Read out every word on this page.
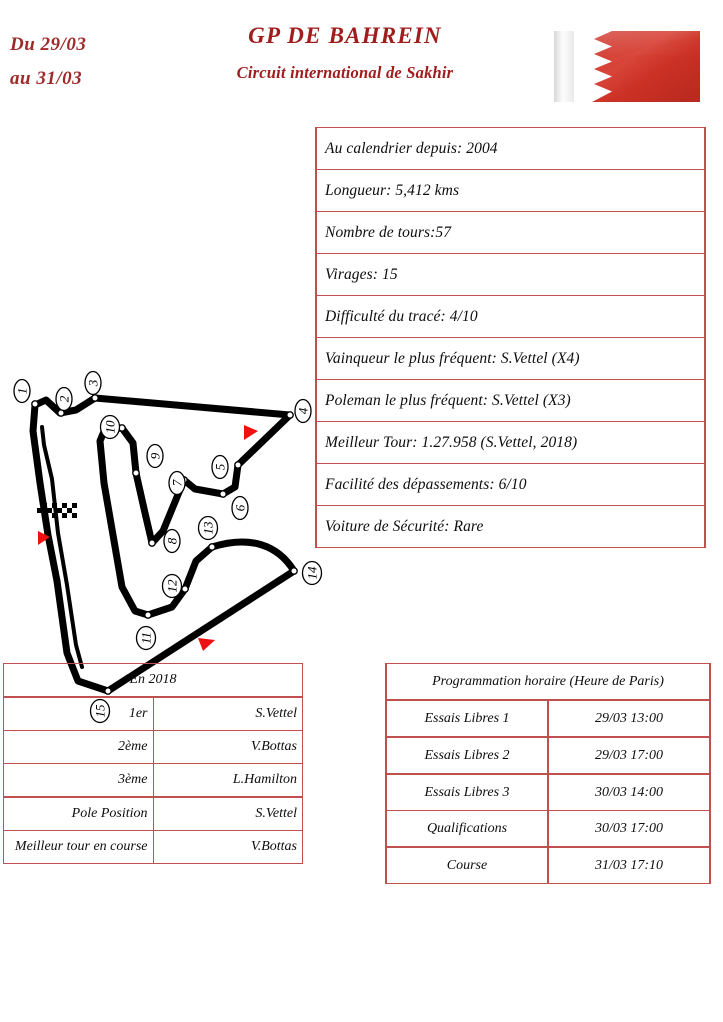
Du 29/03
au 31/03
GP DE BAHREIN
Circuit international de Sakhir
Au calendrier depuis: 2004
Longueur: 5,412 kms
Nombre de tours:57
Virages: 15
Difficulté du tracé: 4/10
Vainqueur le plus fréquent: S.Vettel (X4)
Poleman le plus fréquent: S.Vettel (X3)
Meilleur Tour: 1.27.958 (S.Vettel, 2018)
Facilité des dépassements: 6/10
Voiture de Sécurité: Rare
1
2
3
4
5
6
7
8
9
10
11
12
13
14
15
En 2018	
1er	S.Vettel
2ème	V.Bottas
3ème	L.Hamilton
Pole Position	S.Vettel
Meilleur tour en course	V.Bottas
Programmation horaire (Heure de Paris)	
Essais Libres 1	29/03 13:00
Essais Libres 2	29/03 17:00
Essais Libres 3	30/03 14:00
Qualifications	30/03 17:00
Course	31/03 17:10
